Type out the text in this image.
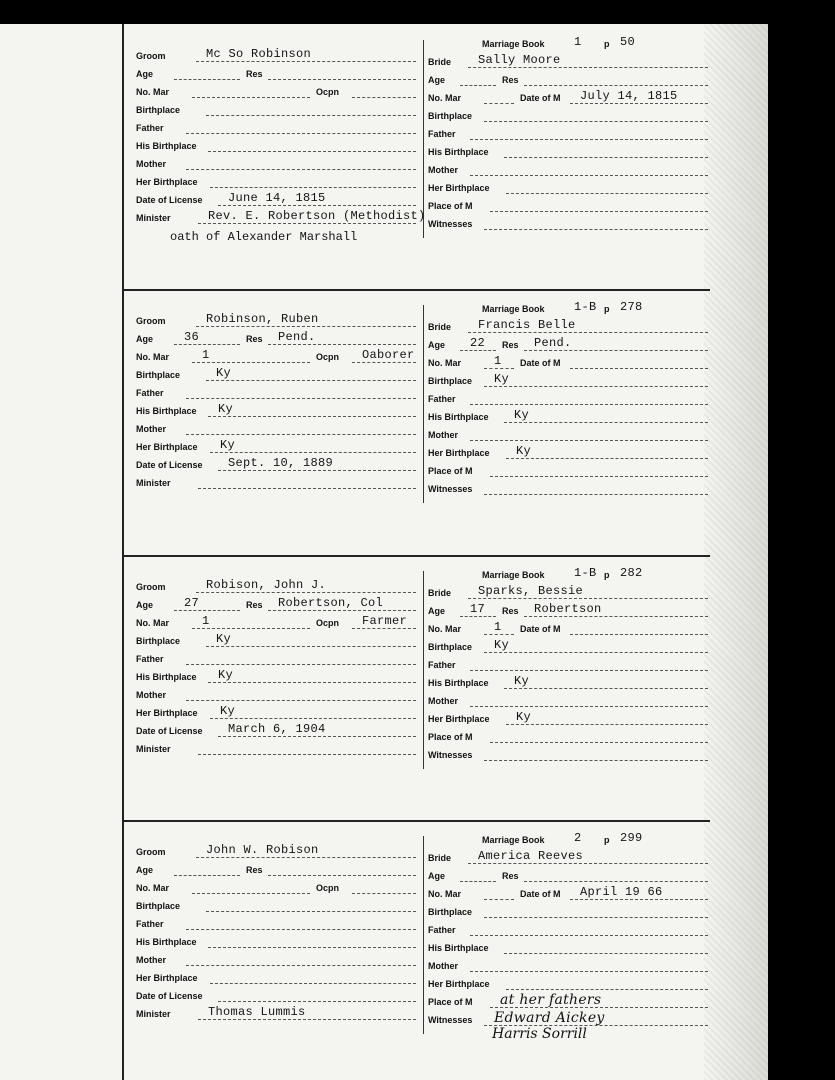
Groom	Mc So Robinson
Age	Res
No. Mar	Ocpn
Birthplace
Father
His Birthplace
Mother
Her Birthplace
Date of License June 14, 1815
Minister	Rev. E. Robertson (Methodist)
Marriage Book 1 p 50
Bride Sally Moore
Age	Res
No. Mar	Date of M July 14, 1815
Birthplace
Father
His Birthplace
Mother
Her Birthplace
Place of M
Witnesses
oath of Alexander Marshall
Groom	Robinson, Ruben
Age	36	Res Pend.
No. Mar	1	Ocpn Oaborer
Birthplace	Ky
Father
His Birthplace Ky
Mother
Her Birthplace Ky
Date of License Sept. 10, 1889
Minister
Marriage Book 1-B p 278
Bride Francis Belle
Age 22 Res Pend.
No. Mar	1 Date of M
Birthplace Ky
Father
His Birthplace Ky
Mother
Her Birthplace Ky
Place of M
Witnesses
Groom	Robison, John J.
Age	27	Res Robertson, Col
No. Mar	1	Ocpn Farmer
Birthplace	Ky
Father
His Birthplace Ky
Mother
Her Birthplace Ky
Date of License March 6, 1904
Minister
Marriage Book 1-B p 282
Bride Sparks, Bessie
Age 17 Res Robertson
No. Mar	1 Date of M
Birthplace Ky
Father
His Birthplace Ky
Mother
Her Birthplace Ky
Place of M
Witnesses
Groom	John W. Robison
Age	Res
No. Mar	Ocpn
Birthplace
Father
His Birthplace
Mother
Her Birthplace
Date of License
Minister	Thomas Lummis
Marriage Book 2 p 299
Bride America Reeves
Age	Res
No. Mar	Date of M April 19 66
Birthplace
Father
His Birthplace
Mother
Her Birthplace
Place of M at her fathers
Witnesses Edward Aickey
Harris Sorrill
